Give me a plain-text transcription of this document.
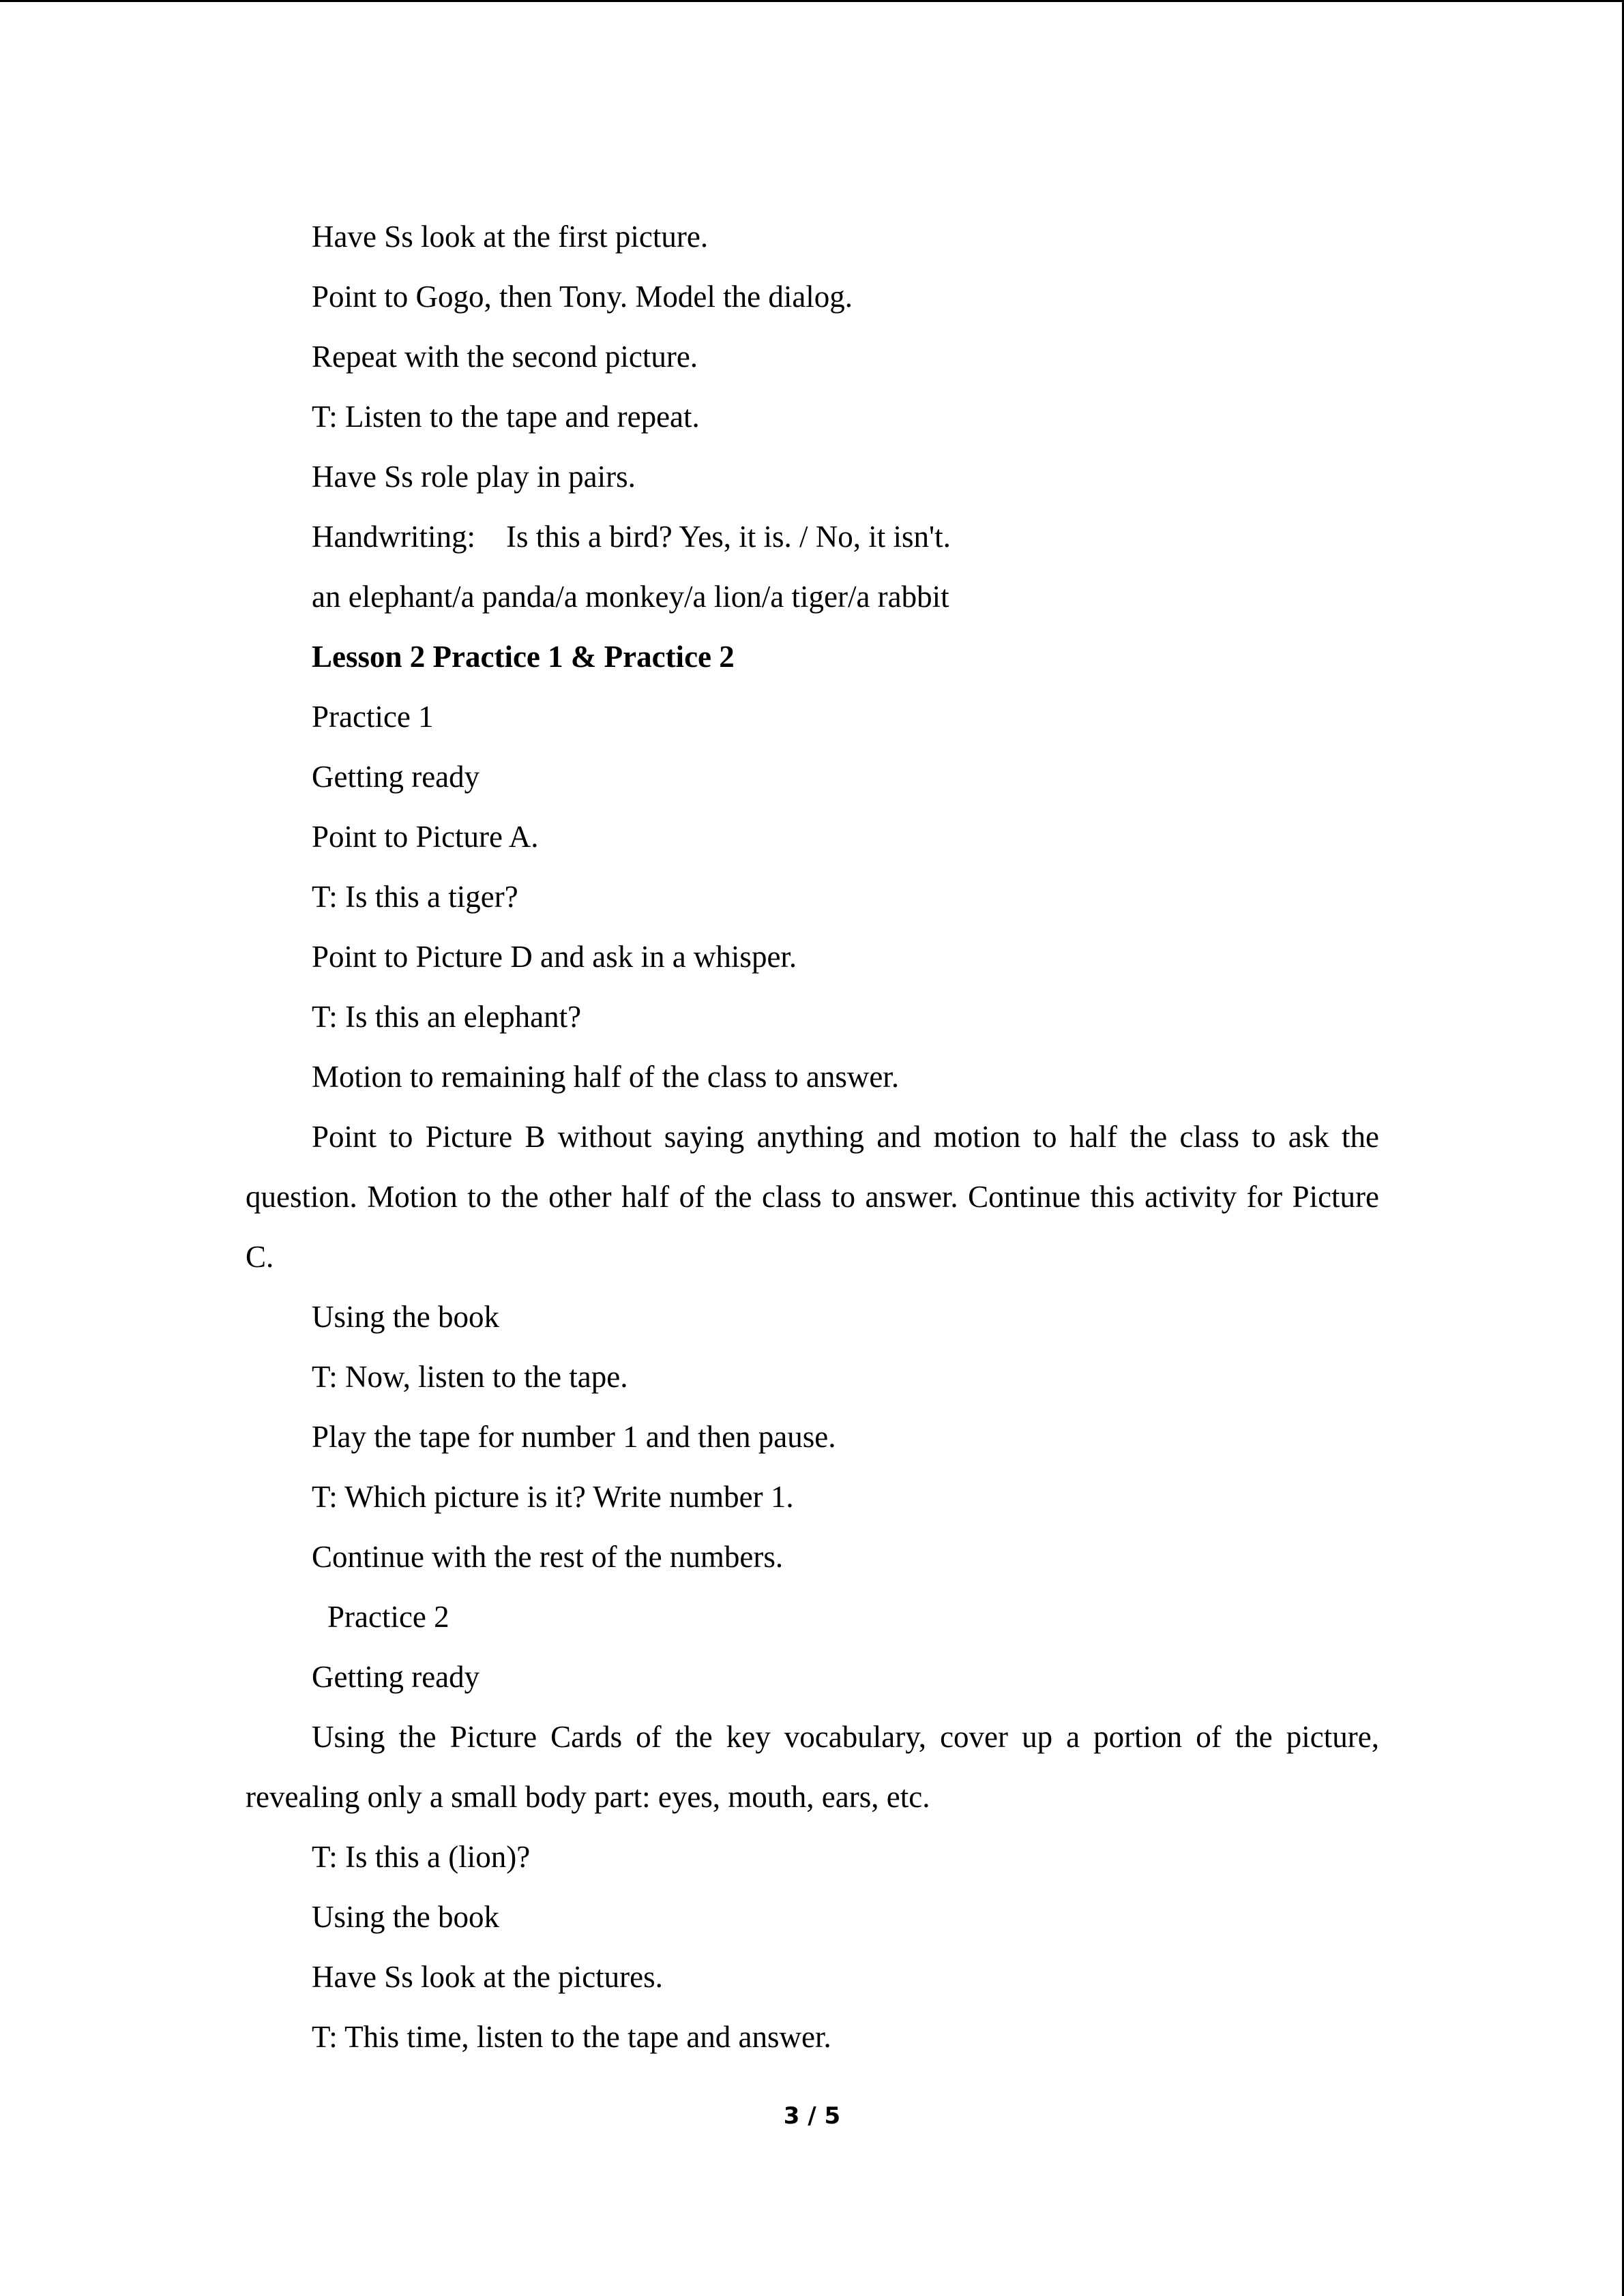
Have Ss look at the first picture.

Point to Gogo, then Tony. Model the dialog.

Repeat with the second picture.

T: Listen to the tape and repeat.

Have Ss role play in pairs.

Handwriting:    Is this a bird? Yes, it is. / No, it isn't.

an elephant/a panda/a monkey/a lion/a tiger/a rabbit

Lesson 2 Practice 1 & Practice 2

Practice 1

Getting ready

Point to Picture A.

T: Is this a tiger?

Point to Picture D and ask in a whisper.

T: Is this an elephant?

Motion to remaining half of the class to answer.

Point to Picture B without saying anything and motion to half the class to ask the question. Motion to the other half of the class to answer. Continue this activity for Picture C.

Using the book

T: Now, listen to the tape.

Play the tape for number 1 and then pause.

T: Which picture is it? Write number 1.

Continue with the rest of the numbers.

Practice 2

Getting ready

Using the Picture Cards of the key vocabulary, cover up a portion of the picture, revealing only a small body part: eyes, mouth, ears, etc.

T: Is this a (lion)?

Using the book

Have Ss look at the pictures.

T: This time, listen to the tape and answer.

3 / 5
